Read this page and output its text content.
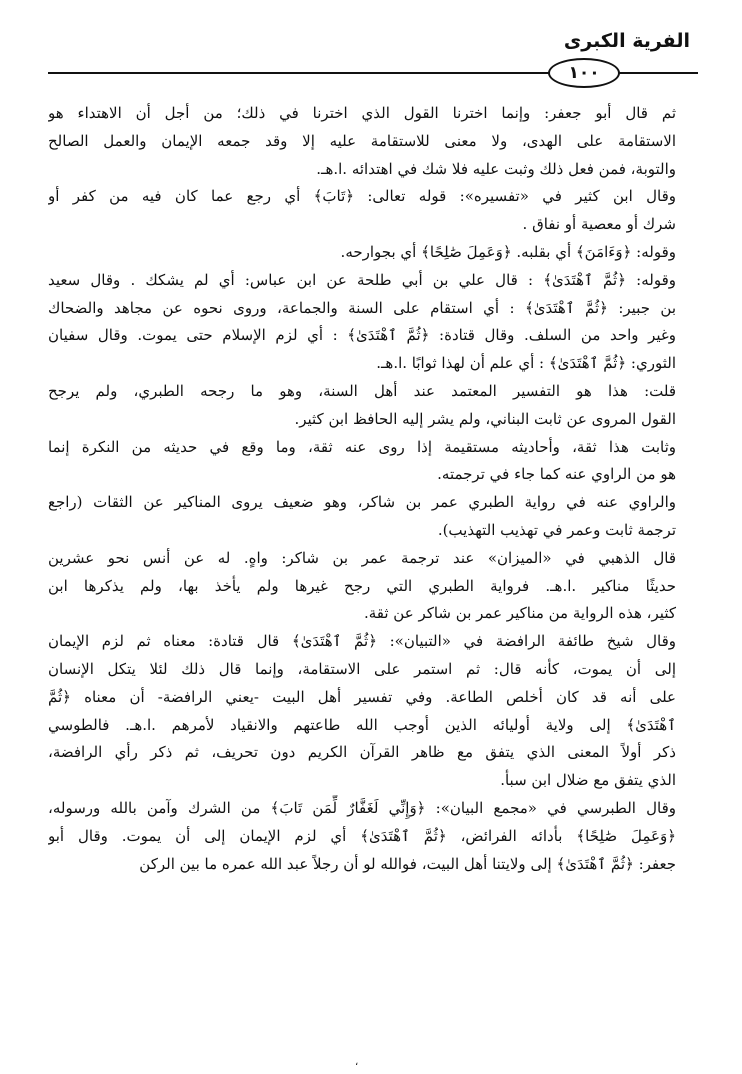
الفرية الكبرى
١٠٠

ثم قال أبو جعفر: وإنما اخترنا القول الذي اخترنا في ذلك؛ من أجل أن الاهتداء هو
الاستقامة على الهدى، ولا معنى للاستقامة عليه إلا وقد جمعه الإيمان والعمل الصالح
والتوبة، فمن فعل ذلك وثبت عليه فلا شك في اهتدائه .ا.هـ.

وقال ابن كثير في «تفسيره»: قوله تعالى: ﴿تَابَ﴾ أي رجع عما كان فيه من كفر أو
شرك أو معصية أو نفاق .

وقوله: ﴿وَءَامَنَ﴾ أي بقلبه. ﴿وَعَمِلَ صَٰلِحًا﴾ أي بجوارحه.

وقوله: ﴿ثُمَّ ٱهْتَدَىٰ﴾ : قال علي بن أبي طلحة عن ابن عباس: أي لم يشكك . وقال سعيد
بن جبير: ﴿ثُمَّ ٱهْتَدَىٰ﴾ : أي استقام على السنة والجماعة، وروى نحوه عن مجاهد والضحاك
وغير واحد من السلف. وقال قتادة: ﴿ثُمَّ ٱهْتَدَىٰ﴾ : أي لزم الإسلام حتى يموت. وقال سفيان
الثوري: ﴿ثُمَّ ٱهْتَدَىٰ﴾ : أي علم أن لهذا ثوابًا .ا.هـ.

قلت: هذا هو التفسير المعتمد عند أهل السنة، وهو ما رجحه الطبري، ولم يرجح
القول المروى عن ثابت البناني، ولم يشر إليه الحافظ ابن كثير.

وثابت هذا ثقة، وأحاديثه مستقيمة إذا روى عنه ثقة، وما وقع في حديثه من النكرة إنما
هو من الراوي عنه كما جاء في ترجمته.

والراوي عنه في رواية الطبري عمر بن شاكر، وهو ضعيف يروى المناكير عن الثقات (راجع
ترجمة ثابت وعمر في تهذيب التهذيب).

قال الذهبي في «الميزان» عند ترجمة عمر بن شاكر: واهٍ. له عن أنس نحو عشرين
حديثًا مناكير .ا.هـ. فرواية الطبري التي رجح غيرها ولم يأخذ بها، ولم يذكرها ابن
كثير، هذه الرواية من مناكير عمر بن شاكر عن ثقة.

وقال شيخ طائفة الرافضة في «التبيان»: ﴿ثُمَّ ٱهْتَدَىٰ﴾ قال قتادة: معناه ثم لزم الإيمان
إلى أن يموت، كأنه قال: ثم استمر على الاستقامة، وإنما قال ذلك لئلا يتكل الإنسان
على أنه قد كان أخلص الطاعة. وفي تفسير أهل البيت -يعني الرافضة- أن معناه ﴿ثُمَّ
ٱهْتَدَىٰ﴾ إلى ولاية أوليائه الذين أوجب الله طاعتهم والانقياد لأمرهم .ا.هـ. فالطوسي
ذكر أولاً المعنى الذي يتفق مع ظاهر القرآن الكريم دون تحريف، ثم ذكر رأي الرافضة،
الذي يتفق مع ضلال ابن سبأ.

وقال الطبرسي في «مجمع البيان»: ﴿وَإِنِّي لَغَفَّارٌ لِّمَن تَابَ﴾ من الشرك وآمن بالله ورسوله،
﴿وَعَمِلَ صَٰلِحًا﴾ بأدائه الفرائض، ﴿ثُمَّ ٱهْتَدَىٰ﴾ أي لزم الإيمان إلى أن يموت. وقال أبو
جعفر: ﴿ثُمَّ ٱهْتَدَىٰ﴾ إلى ولايتنا أهل البيت، فوالله لو أن رجلاً عبد الله عمره ما بين الركن

،
